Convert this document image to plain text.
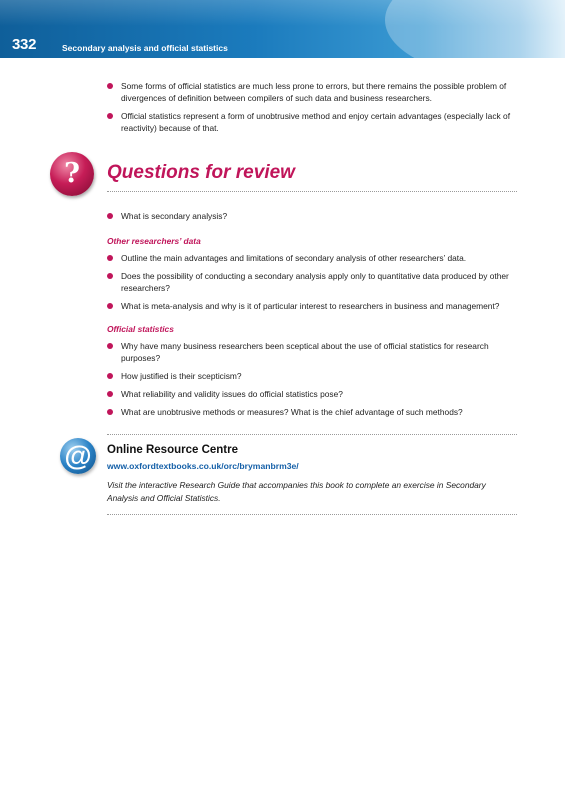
332	Secondary analysis and official statistics
Some forms of official statistics are much less prone to errors, but there remains the possible problem of divergences of definition between compilers of such data and business researchers.
Official statistics represent a form of unobtrusive method and enjoy certain advantages (especially lack of reactivity) because of that.
?	Questions for review
What is secondary analysis?
Other researchers’ data
Outline the main advantages and limitations of secondary analysis of other researchers’ data.
Does the possibility of conducting a secondary analysis apply only to quantitative data produced by other researchers?
What is meta-analysis and why is it of particular interest to researchers in business and management?
Official statistics
Why have many business researchers been sceptical about the use of official statistics for research purposes?
How justified is their scepticism?
What reliability and validity issues do official statistics pose?
What are unobtrusive methods or measures? What is the chief advantage of such methods?
@	Online Resource Centre
www.oxfordtextbooks.co.uk/orc/brymanbrm3e/
Visit the interactive Research Guide that accompanies this book to complete an exercise in Secondary Analysis and Official Statistics.
